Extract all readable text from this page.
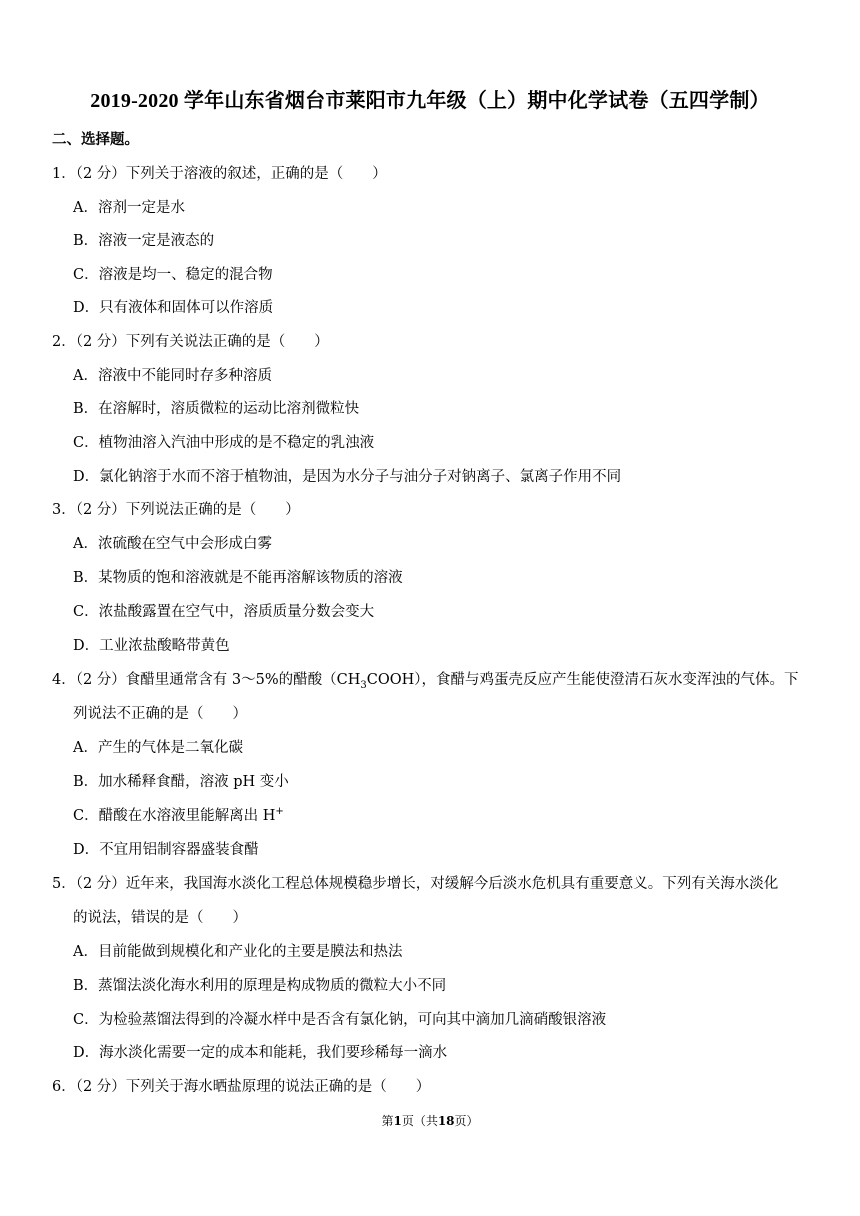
2019-2020 学年山东省烟台市莱阳市九年级（上）期中化学试卷（五四学制）
二、选择题。
1．（2 分）下列关于溶液的叙述，正确的是（　　）
A．溶剂一定是水
B．溶液一定是液态的
C．溶液是均一、稳定的混合物
D．只有液体和固体可以作溶质
2．（2 分）下列有关说法正确的是（　　）
A．溶液中不能同时存多种溶质
B．在溶解时，溶质微粒的运动比溶剂微粒快
C．植物油溶入汽油中形成的是不稳定的乳浊液
D．氯化钠溶于水而不溶于植物油，是因为水分子与油分子对钠离子、氯离子作用不同
3．（2 分）下列说法正确的是（　　）
A．浓硫酸在空气中会形成白雾
B．某物质的饱和溶液就是不能再溶解该物质的溶液
C．浓盐酸露置在空气中，溶质质量分数会变大
D．工业浓盐酸略带黄色
4．（2 分）食醋里通常含有 3～5%的醋酸$(CH_3COOH)$，食醋与鸡蛋壳反应产生能使澄清石灰水变浑浊的气体。下
列说法不正确的是（　　）
A．产生的气体是二氧化碳
B．加水稀释食醋，溶液 pH 变小
C．醋酸在水溶液里能解离出 H+
D．不宜用铝制容器盛装食醋
5．（2 分）近年来，我国海水淡化工程总体规模稳步增长，对缓解今后淡水危机具有重要意义。下列有关海水淡化
的说法，错误的是（　　）
A．目前能做到规模化和产业化的主要是膜法和热法
B．蒸馏法淡化海水利用的原理是构成物质的微粒大小不同
C．为检验蒸馏法得到的冷凝水样中是否含有氯化钠，可向其中滴加几滴硝酸银溶液
D．海水淡化需要一定的成本和能耗，我们要珍稀每一滴水
6．（2 分）下列关于海水晒盐原理的说法正确的是（　　）
第1页（共18页）
